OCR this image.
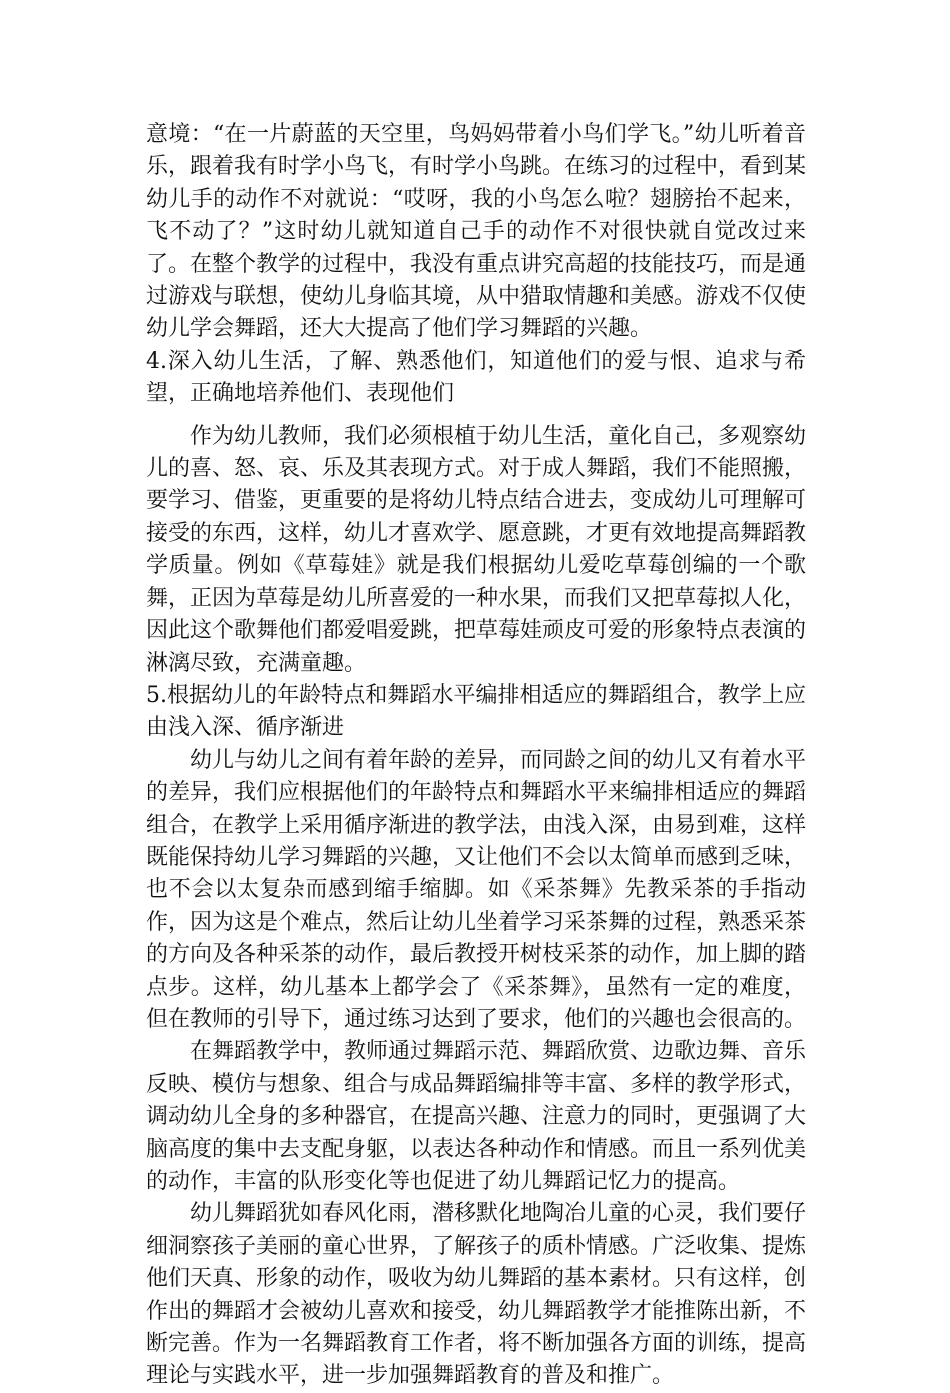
意境：“在一片蔚蓝的天空里，鸟妈妈带着小鸟们学飞。”幼儿听着音乐，跟着我有时学小鸟飞，有时学小鸟跳。在练习的过程中，看到某幼儿手的动作不对就说：“哎呀，我的小鸟怎么啦？翅膀抬不起来，飞不动了？”这时幼儿就知道自己手的动作不对很快就自觉改过来了。在整个教学的过程中，我没有重点讲究高超的技能技巧，而是通过游戏与联想，使幼儿身临其境，从中猎取情趣和美感。游戏不仅使幼儿学会舞蹈，还大大提高了他们学习舞蹈的兴趣。

4.深入幼儿生活，了解、熟悉他们，知道他们的爱与恨、追求与希望，正确地培养他们、表现他们

作为幼儿教师，我们必须根植于幼儿生活，童化自己，多观察幼儿的喜、怒、哀、乐及其表现方式。对于成人舞蹈，我们不能照搬，要学习、借鉴，更重要的是将幼儿特点结合进去，变成幼儿可理解可接受的东西，这样，幼儿才喜欢学、愿意跳，才更有效地提高舞蹈教学质量。例如《草莓娃》就是我们根据幼儿爱吃草莓创编的一个歌舞，正因为草莓是幼儿所喜爱的一种水果，而我们又把草莓拟人化，因此这个歌舞他们都爱唱爱跳，把草莓娃顽皮可爱的形象特点表演的淋漓尽致，充满童趣。

5.根据幼儿的年龄特点和舞蹈水平编排相适应的舞蹈组合，教学上应由浅入深、循序渐进

幼儿与幼儿之间有着年龄的差异，而同龄之间的幼儿又有着水平的差异，我们应根据他们的年龄特点和舞蹈水平来编排相适应的舞蹈组合，在教学上采用循序渐进的教学法，由浅入深，由易到难，这样既能保持幼儿学习舞蹈的兴趣，又让他们不会以太简单而感到乏味，也不会以太复杂而感到缩手缩脚。如《采茶舞》先教采茶的手指动作，因为这是个难点，然后让幼儿坐着学习采茶舞的过程，熟悉采茶的方向及各种采茶的动作，最后教授开树枝采茶的动作，加上脚的踏点步。这样，幼儿基本上都学会了《采茶舞》，虽然有一定的难度，但在教师的引导下，通过练习达到了要求，他们的兴趣也会很高的。

在舞蹈教学中，教师通过舞蹈示范、舞蹈欣赏、边歌边舞、音乐反映、模仿与想象、组合与成品舞蹈编排等丰富、多样的教学形式，调动幼儿全身的多种器官，在提高兴趣、注意力的同时，更强调了大脑高度的集中去支配身躯，以表达各种动作和情感。而且一系列优美的动作，丰富的队形变化等也促进了幼儿舞蹈记忆力的提高。

幼儿舞蹈犹如春风化雨，潜移默化地陶冶儿童的心灵，我们要仔细洞察孩子美丽的童心世界，了解孩子的质朴情感。广泛收集、提炼他们天真、形象的动作，吸收为幼儿舞蹈的基本素材。只有这样，创作出的舞蹈才会被幼儿喜欢和接受，幼儿舞蹈教学才能推陈出新，不断完善。作为一名舞蹈教育工作者，将不断加强各方面的训练，提高理论与实践水平，进一步加强舞蹈教育的普及和推广。
